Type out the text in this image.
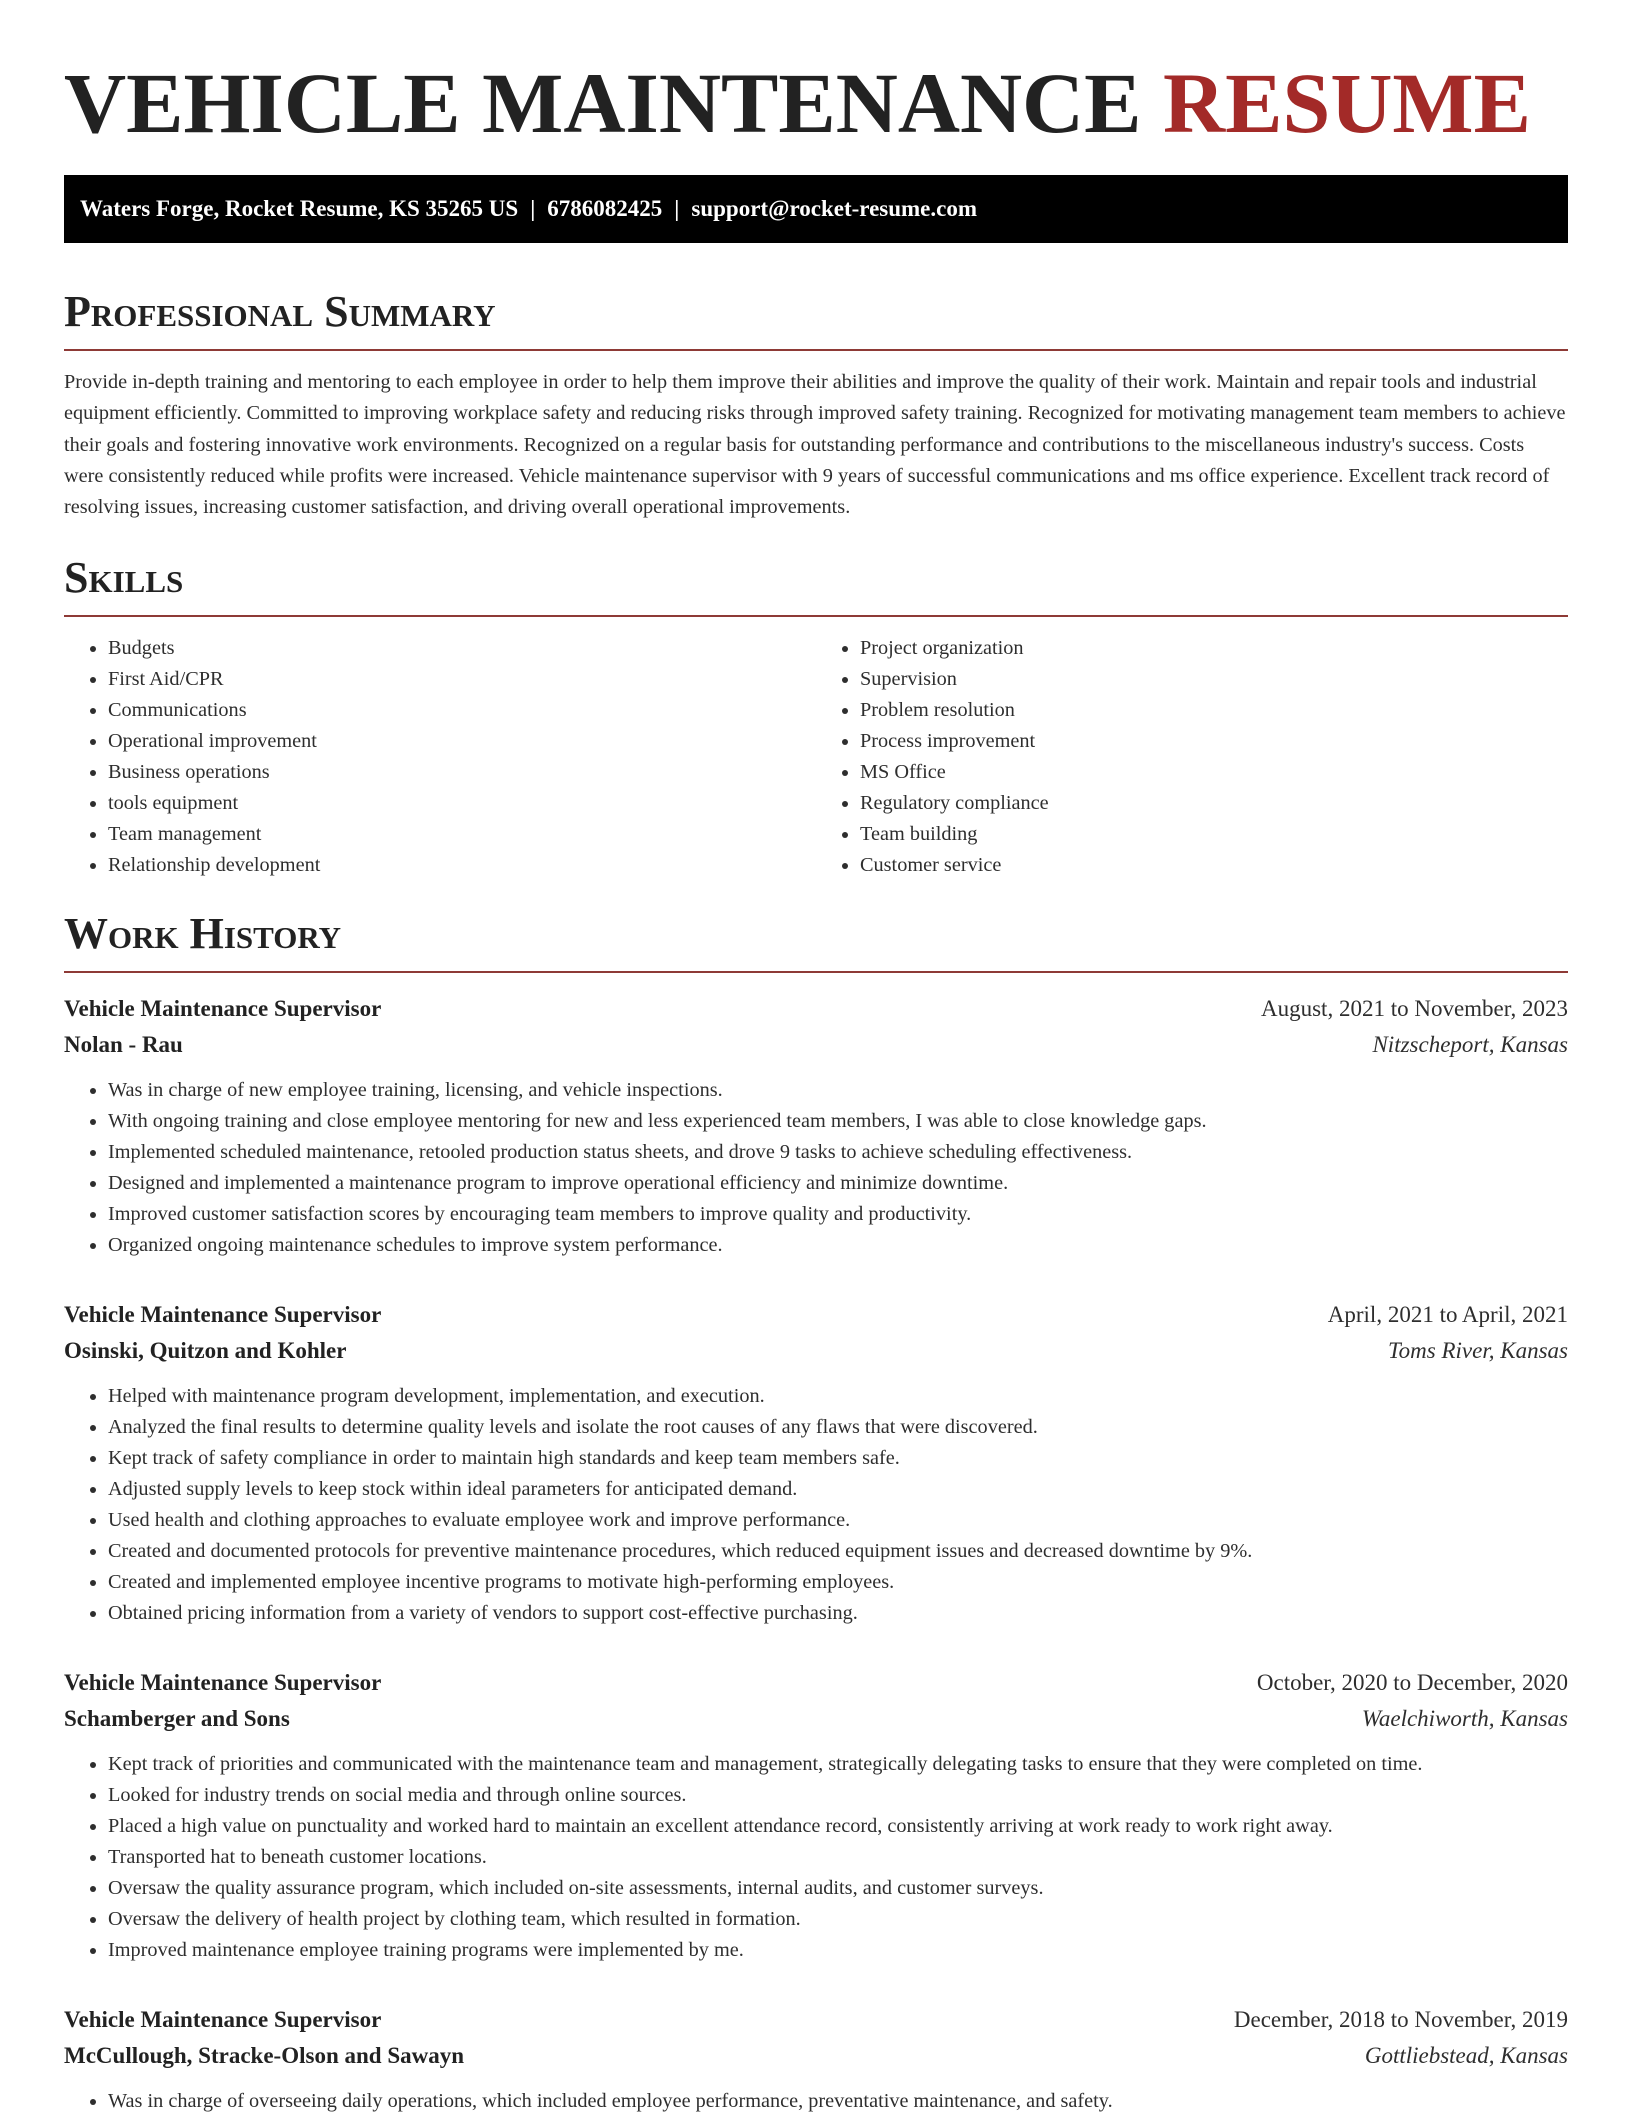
VEHICLE MAINTENANCE RESUME
Waters Forge, Rocket Resume, KS 35265 US | 6786082425 | support@rocket-resume.com
Professional Summary

Provide in-depth training and mentoring to each employee in order to help them improve their abilities and improve the quality of their work. Maintain and repair tools and industrial equipment efficiently. Committed to improving workplace safety and reducing risks through improved safety training. Recognized for motivating management team members to achieve their goals and fostering innovative work environments. Recognized on a regular basis for outstanding performance and contributions to the miscellaneous industry's success. Costs were consistently reduced while profits were increased. Vehicle maintenance supervisor with 9 years of successful communications and ms office experience. Excellent track record of resolving issues, increasing customer satisfaction, and driving overall operational improvements.

Skills
• Budgets
• First Aid/CPR
• Communications
• Operational improvement
• Business operations
• tools equipment
• Team management
• Relationship development
• Project organization
• Supervision
• Problem resolution
• Process improvement
• MS Office
• Regulatory compliance
• Team building
• Customer service
Work History
Vehicle Maintenance Supervisor	August, 2021 to November, 2023
Nolan - Rau	Nitzscheport, Kansas
• Was in charge of new employee training, licensing, and vehicle inspections.
• With ongoing training and close employee mentoring for new and less experienced team members, I was able to close knowledge gaps.
• Implemented scheduled maintenance, retooled production status sheets, and drove 9 tasks to achieve scheduling effectiveness.
• Designed and implemented a maintenance program to improve operational efficiency and minimize downtime.
• Improved customer satisfaction scores by encouraging team members to improve quality and productivity.
• Organized ongoing maintenance schedules to improve system performance.
Vehicle Maintenance Supervisor	April, 2021 to April, 2021
Osinski, Quitzon and Kohler	Toms River, Kansas
• Helped with maintenance program development, implementation, and execution.
• Analyzed the final results to determine quality levels and isolate the root causes of any flaws that were discovered.
• Kept track of safety compliance in order to maintain high standards and keep team members safe.
• Adjusted supply levels to keep stock within ideal parameters for anticipated demand.
• Used health and clothing approaches to evaluate employee work and improve performance.
• Created and documented protocols for preventive maintenance procedures, which reduced equipment issues and decreased downtime by 9%.
• Created and implemented employee incentive programs to motivate high-performing employees.
• Obtained pricing information from a variety of vendors to support cost-effective purchasing.
Vehicle Maintenance Supervisor	October, 2020 to December, 2020
Schamberger and Sons	Waelchiworth, Kansas
• Kept track of priorities and communicated with the maintenance team and management, strategically delegating tasks to ensure that they were completed on time.
• Looked for industry trends on social media and through online sources.
• Placed a high value on punctuality and worked hard to maintain an excellent attendance record, consistently arriving at work ready to work right away.
• Transported hat to beneath customer locations.
• Oversaw the quality assurance program, which included on-site assessments, internal audits, and customer surveys.
• Oversaw the delivery of health project by clothing team, which resulted in formation.
• Improved maintenance employee training programs were implemented by me.
Vehicle Maintenance Supervisor	December, 2018 to November, 2019
McCullough, Stracke-Olson and Sawayn	Gottliebstead, Kansas
• Was in charge of overseeing daily operations, which included employee performance, preventative maintenance, and safety.
